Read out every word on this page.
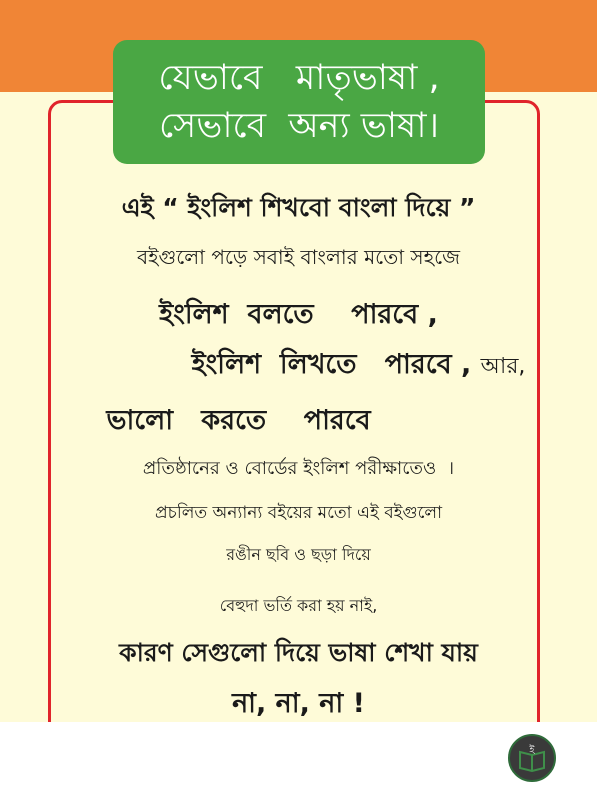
যেভাবে   মাতৃভাষা ,
সেভাবে  অন্য ভাষা।
এই “ ইংলিশ শিখবো বাংলা দিয়ে ”
বইগুলো পড়ে সবাই বাংলার মতো সহজে
ইংলিশ  বলতে    পারবে ,
ইংলিশ  লিখতে   পারবে , আর,
ভালো   করতে    পারবে
প্রতিষ্ঠানের ও বোর্ডের ইংলিশ পরীক্ষাতেও  ।
প্রচলিত অন্যান্য বইয়ের মতো এই বইগুলো
রঙীন ছবি ও ছড়া দিয়ে
বেহুদা ভর্তি করা হয় নাই,
কারণ সেগুলো দিয়ে ভাষা শেখা যায়
না, না, না !
ই
